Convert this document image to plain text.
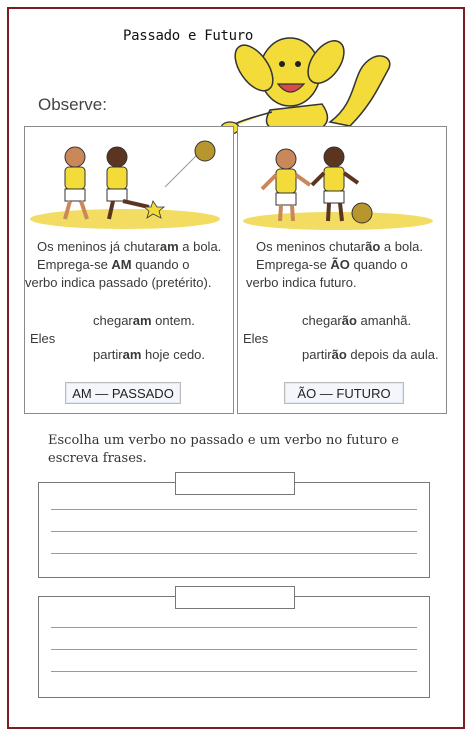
Passado e Futuro
Observe:
Os meninos já chutaram a bola.
Emprega-se AM quando o
verbo indica passado (pretérito).
chegaram ontem.
Eles
partiram hoje cedo.
AM — PASSADO
Os meninos chutarão a bola.
Emprega-se ÃO quando o
verbo indica futuro.
chegarão amanhã.
Eles
partirão depois da aula.
ÃO — FUTURO
Escolha um verbo no passado e um verbo no futuro e escreva frases.
